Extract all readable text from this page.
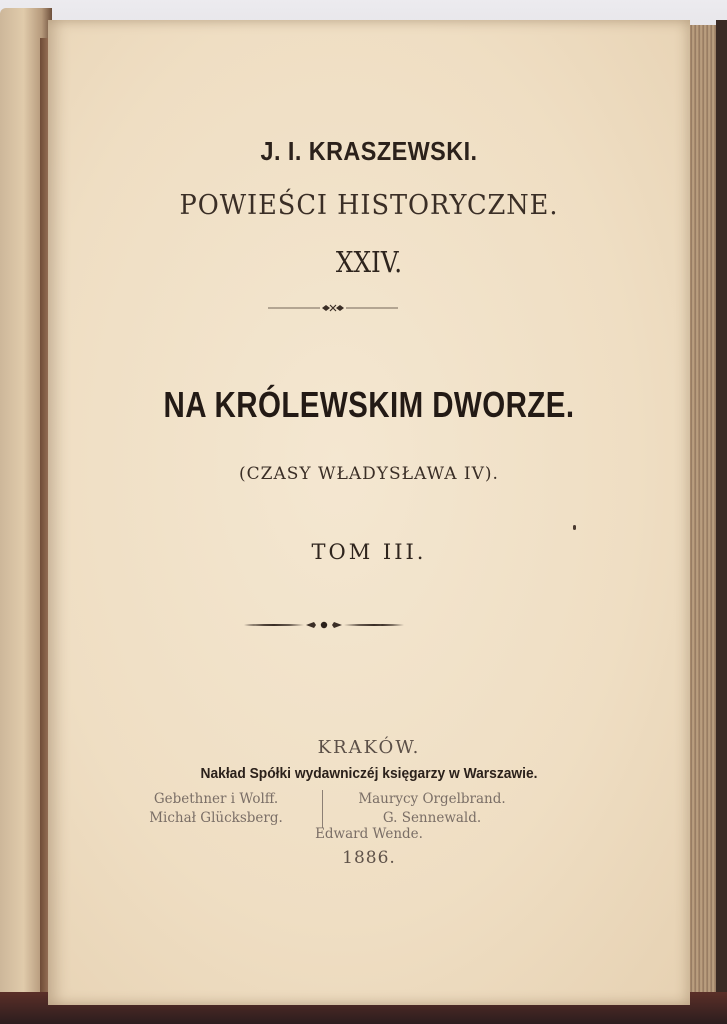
J. I. KRASZEWSKI.
POWIEŚCI HISTORYCZNE.
XXIV.
NA KRÓLEWSKIM DWORZE.
(CZASY WŁADYSŁAWA IV).
TOM III.
KRAKÓW.
Nakład Spółki wydawniczéj księgarzy w Warszawie.
Gebethner i Wolff.
Michał Glücksberg.
Maurycy Orgelbrand.
G. Sennewald.
Edward Wende.
1886.
